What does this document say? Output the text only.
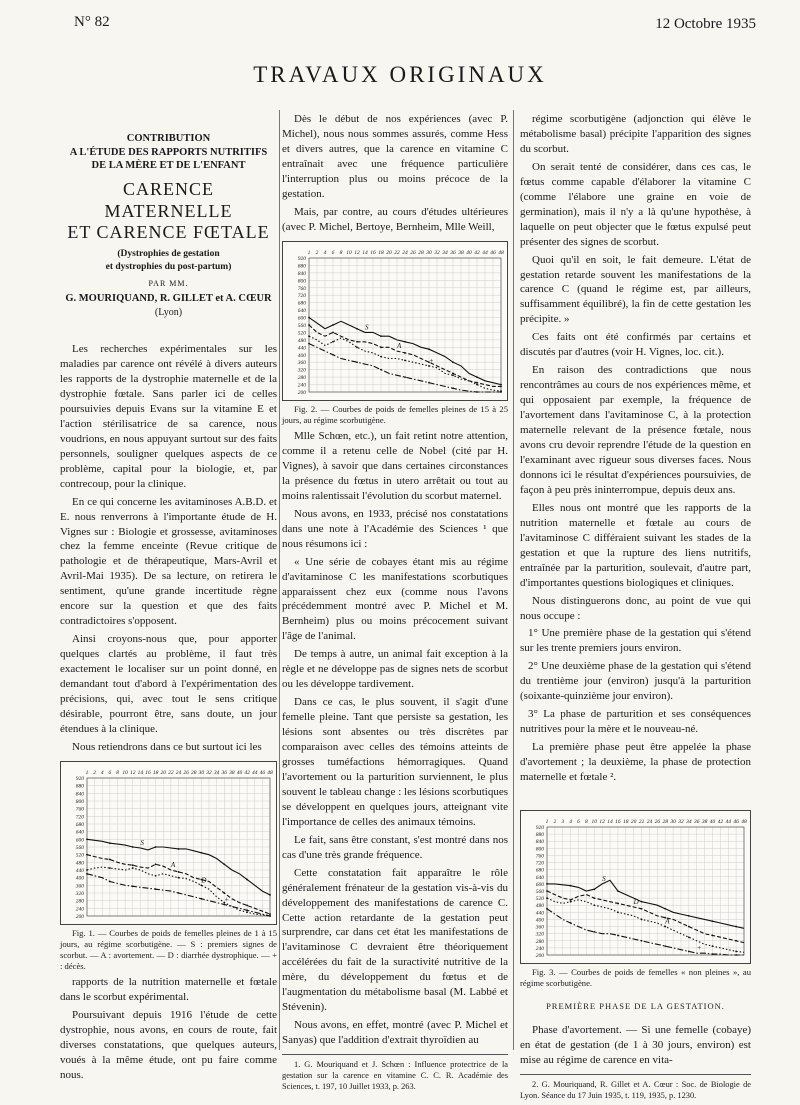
N° 82	12 Octobre 1935
TRAVAUX ORIGINAUX
CONTRIBUTION
A L'ÉTUDE DES RAPPORTS NUTRITIFS
DE LA MÈRE ET DE L'ENFANT
CARENCE MATERNELLE
ET CARENCE FŒTALE
(Dystrophies de gestation
et dystrophies du post-partum)
PAR MM.
G. MOURIQUAND, R. GILLET et A. CŒUR
(Lyon)

Les recherches expérimentales sur les maladies par carence ont révélé à divers auteurs les rapports de la dystrophie maternelle et de la dystrophie fœtale. Sans parler ici de celles poursuivies depuis Evans sur la vitamine E et l'action stérilisatrice de sa carence, nous voudrions, en nous appuyant surtout sur des faits personnels, souligner quelques aspects de ce problème, capital pour la biologie, et, par contrecoup, pour la clinique.

En ce qui concerne les avitaminoses A.B.D. et E. nous renverrons à l'importante étude de H. Vignes sur : Biologie et grossesse, avitaminoses chez la femme enceinte (Revue critique de pathologie et de thérapeutique, Mars-Avril et Avril-Mai 1935). De sa lecture, on retirera le sentiment, qu'une grande incertitude règne encore sur la question et que des faits contradictoires s'opposent.

Ainsi croyons-nous que, pour apporter quelques clartés au problème, il faut très exactement le localiser sur un point donné, en demandant tout d'abord à l'expérimentation des précisions, qui, avec tout le sens critique désirable, pourront être, sans doute, un jour étendues à la clinique.

Nous retiendrons dans ce but surtout ici les

1 2 4 6 8 10 12 14 16 18 20 22 24 26 28 30 32 34 36 38 40 42 44 46 48
200
240
280
320
360
400
440
480
520
560
600
640
680
720
760
800
840
880
920
S
A
D
+

Fig. 1. — Courbes de poids de femelles pleines de 1 à 15 jours, au régime scorbutigène. — S : premiers signes de scorbut. — A : avortement. — D : diarrhée dystrophique. — + : décès.

rapports de la nutrition maternelle et fœtale dans le scorbut expérimental.

Poursuivant depuis 1916 l'étude de cette dystrophie, nous avons, en cours de route, fait diverses constatations, que quelques auteurs, voués à la même étude, ont pu faire comme nous.

Dès le début de nos expériences (avec P. Michel), nous nous sommes assurés, comme Hess et divers autres, que la carence en vitamine C entraînait avec une fréquence particulière l'interruption plus ou moins précoce de la gestation.

Mais, par contre, au cours d'études ultérieures (avec P. Michel, Bertoye, Bernheim, Mlle Weill,

1 2 4 6 8 10 12 14 16 18 20 22 24 26 28 30 32 34 36 38 40 42 44 46 48
200
240
280
320
360
400
440
480
520
560
600
640
680
720
760
800
840
880
920
S
A
+

Fig. 2. — Courbes de poids de femelles pleines de 15 à 25 jours, au régime scorbutigène.

Mlle Schœn, etc.), un fait retint notre attention, comme il a retenu celle de Nobel (cité par H. Vignes), à savoir que dans certaines circonstances la présence du fœtus in utero arrêtait ou tout au moins ralentissait l'évolution du scorbut maternel.

Nous avons, en 1933, précisé nos constatations dans une note à l'Académie des Sciences ¹ que nous résumons ici :

« Une série de cobayes étant mis au régime d'avitaminose C les manifestations scorbutiques apparaissent chez eux (comme nous l'avons précédemment montré avec P. Michel et M. Bernheim) plus ou moins précocement suivant l'âge de l'animal.

De temps à autre, un animal fait exception à la règle et ne développe pas de signes nets de scorbut ou les développe tardivement.

Dans ce cas, le plus souvent, il s'agit d'une femelle pleine. Tant que persiste sa gestation, les lésions sont absentes ou très discrètes par comparaison avec celles des témoins atteints de grosses tuméfactions hémorragiques. Quand l'avortement ou la parturition surviennent, le plus souvent le tableau change : les lésions scorbutiques se développent en quelques jours, atteignant vite l'importance de celles des animaux témoins.

Le fait, sans être constant, s'est montré dans nos cas d'une très grande fréquence.

Cette constatation fait apparaître le rôle généralement frénateur de la gestation vis-à-vis du développement des manifestations de carence C. Cette action retardante de la gestation peut surprendre, car dans cet état les manifestations de l'avitaminose C devraient être théoriquement accélérées du fait de la suractivité nutritive de la mère, du développement du fœtus et de l'augmentation du métabolisme basal (M. Labbé et Stévenin).

Nous avons, en effet, montré (avec P. Michel et Sanyas) que l'addition d'extrait thyroïdien au

1. G. Mouriquand et J. Schœn : Influence protectrice de la gestation sur la carence en vitamine C. C. R. Académie des Sciences, t. 197, 10 Juillet 1933, p. 263.

régime scorbutigène (adjonction qui élève le métabolisme basal) précipite l'apparition des signes du scorbut.

On serait tenté de considérer, dans ces cas, le fœtus comme capable d'élaborer la vitamine C (comme l'élabore une graine en voie de germination), mais il n'y a là qu'une hypothèse, à laquelle on peut objecter que le fœtus expulsé peut présenter des signes de scorbut.

Quoi qu'il en soit, le fait demeure. L'état de gestation retarde souvent les manifestations de la carence C (quand le régime est, par ailleurs, suffisamment équilibré), la fin de cette gestation les précipite. »

Ces faits ont été confirmés par certains et discutés par d'autres (voir H. Vignes, loc. cit.).

En raison des contradictions que nous rencontrâmes au cours de nos expériences même, et qui opposaient par exemple, la fréquence de l'avortement dans l'avitaminose C, à la protection maternelle relevant de la présence fœtale, nous avons cru devoir reprendre l'étude de la question en l'examinant avec rigueur sous diverses faces. Nous donnons ici le résultat d'expériences poursuivies, de façon à peu près ininterrompue, depuis deux ans.

Elles nous ont montré que les rapports de la nutrition maternelle et fœtale au cours de l'avitaminose C différaient suivant les stades de la gestation et que la rupture des liens nutritifs, entraînée par la parturition, soulevait, d'autre part, d'importantes questions biologiques et cliniques.

Nous distinguerons donc, au point de vue qui nous occupe :

1° Une première phase de la gestation qui s'étend sur les trente premiers jours environ.

2° Une deuxième phase de la gestation qui s'étend du trentième jour (environ) jusqu'à la parturition (soixante-quinzième jour environ).

3° La phase de parturition et ses conséquences nutritives pour la mère et le nouveau-né.

La première phase peut être appelée la phase d'avortement ; la deuxième, la phase de protection maternelle et fœtale ².

1 2 3 4 6 8 10 12 14 16 18 20 22 24 26 28 30 32 34 36 38 40 42 44 46 48
200
240
280
320
360
400
440
480
520
560
600
640
680
720
760
800
840
880
920
S
D
A
+

Fig. 3. — Courbes de poids de femelles « non pleines », au régime scorbutigène.

PREMIÈRE PHASE DE LA GESTATION.

Phase d'avortement. — Si une femelle (cobaye) en état de gestation (de 1 à 30 jours, environ) est mise au régime de carence en vita-

2. G. Mouriquand, R. Gillet et A. Cœur : Soc. de Biologie de Lyon. Séance du 17 Juin 1935, t. 119, 1935, p. 1230.
